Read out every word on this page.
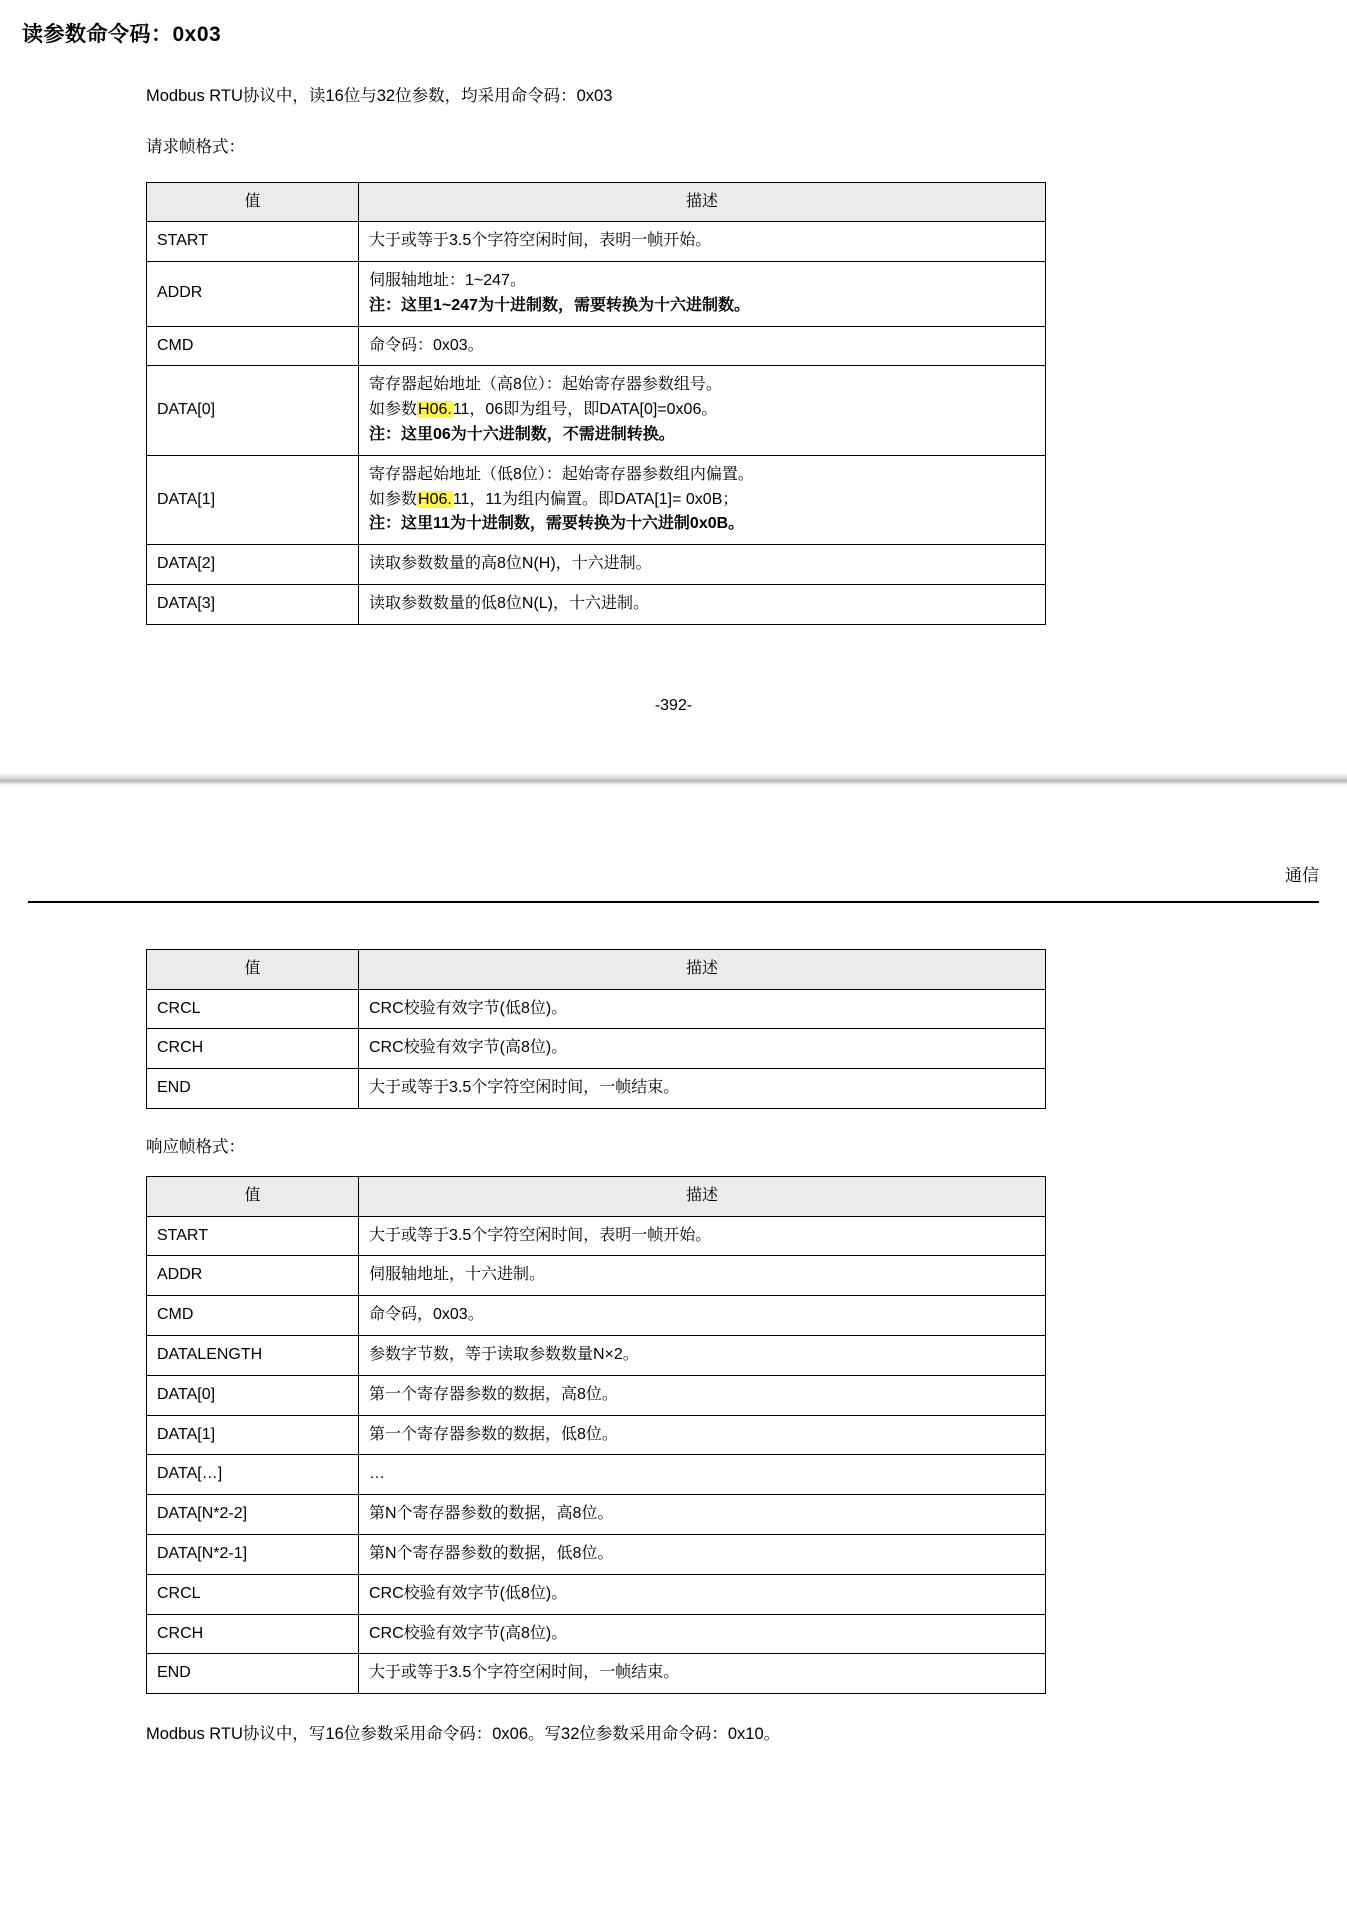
读参数命令码：0x03

Modbus RTU协议中，读16位与32位参数，均采用命令码：0x03

请求帧格式：

值	描述
START	大于或等于3.5个字符空闲时间，表明一帧开始。

ADDR	伺服轴地址：1~247。
注：这里1~247为十进制数，需要转换为十六进制数。

CMD	命令码：0x03。

DATA[0]	寄存器起始地址（高8位）：起始寄存器参数组号。
如参数H06.11，06即为组号，即DATA[0]=0x06。
注：这里06为十六进制数，不需进制转换。

DATA[1]	寄存器起始地址（低8位）：起始寄存器参数组内偏置。
如参数H06.11，11为组内偏置。即DATA[1]= 0x0B；
注：这里11为十进制数，需要转换为十六进制0x0B。

DATA[2]	读取参数数量的高8位N(H)，十六进制。

DATA[3]	读取参数数量的低8位N(L)，十六进制。
-392-
通信
值	描述
CRCL	CRC校验有效字节(低8位)。

CRCH	CRC校验有效字节(高8位)。

END	大于或等于3.5个字符空闲时间，一帧结束。

响应帧格式：

值	描述
START	大于或等于3.5个字符空闲时间，表明一帧开始。

ADDR	伺服轴地址，十六进制。

CMD	命令码，0x03。

DATALENGTH	参数字节数，等于读取参数数量N×2。

DATA[0]	第一个寄存器参数的数据，高8位。

DATA[1]	第一个寄存器参数的数据，低8位。

DATA[…]	…

DATA[N*2-2]	第N个寄存器参数的数据，高8位。

DATA[N*2-1]	第N个寄存器参数的数据，低8位。

CRCL	CRC校验有效字节(低8位)。

CRCH	CRC校验有效字节(高8位)。

END	大于或等于3.5个字符空闲时间，一帧结束。

Modbus RTU协议中，写16位参数采用命令码：0x06。写32位参数采用命令码：0x10。
